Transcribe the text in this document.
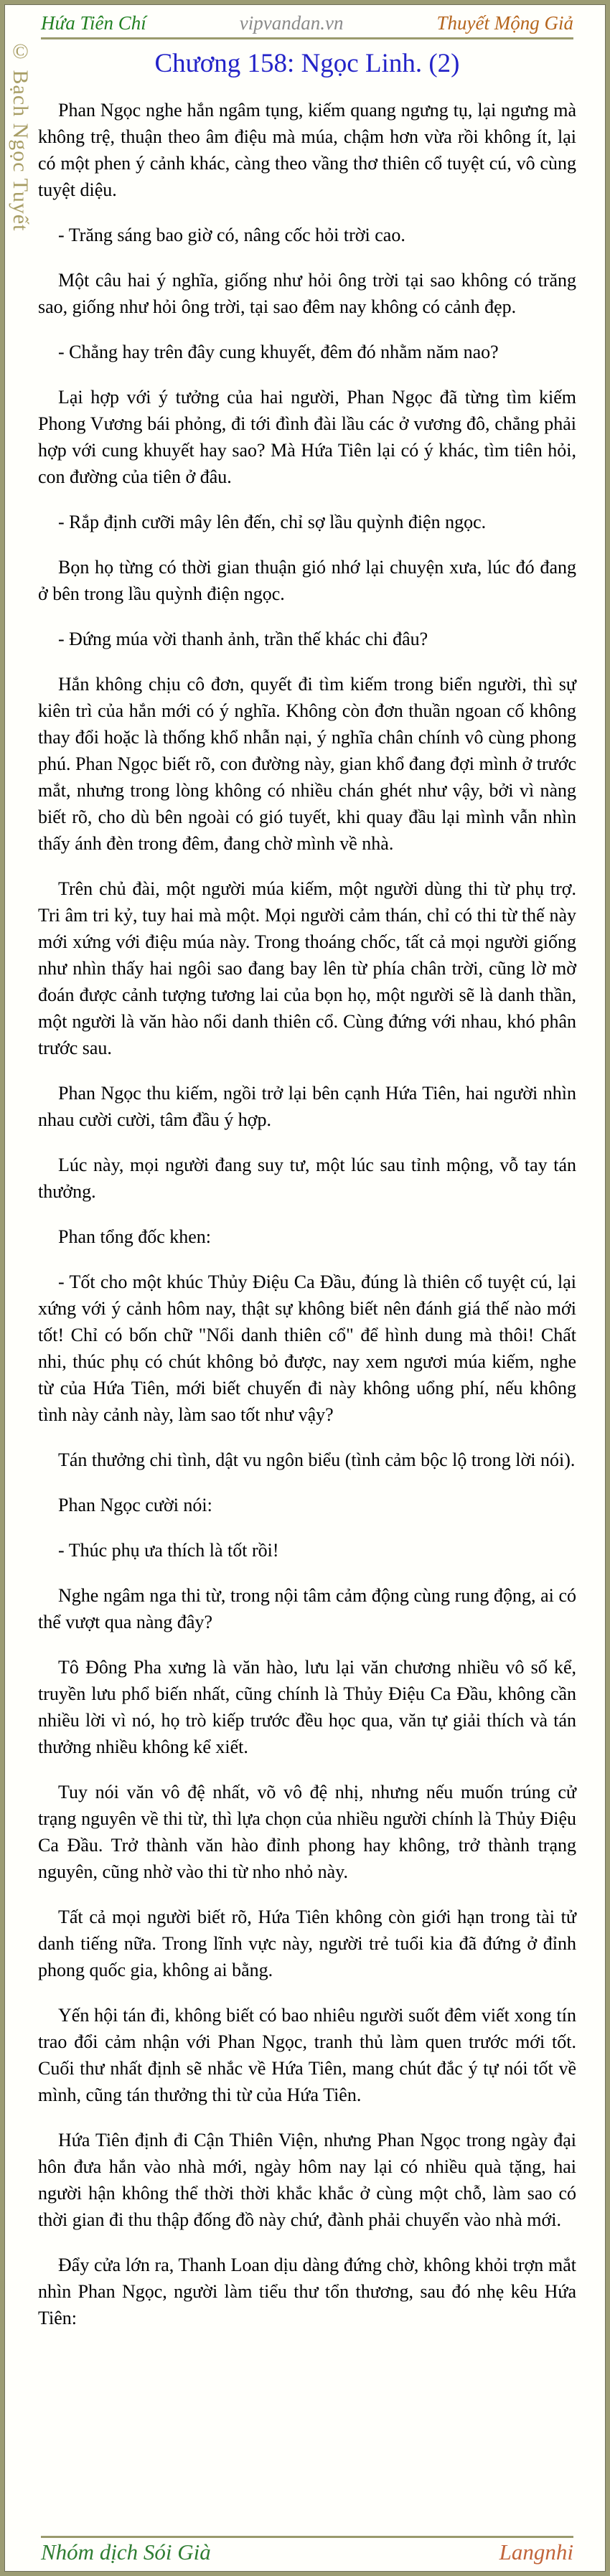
© Bạch Ngọc Tuyết
Hứa Tiên Chí	vipvandan.vn	Thuyết Mộng Giả
Chương 158: Ngọc Linh. (2)

Phan Ngọc nghe hắn ngâm tụng, kiếm quang ngưng tụ, lại ngưng mà không trệ, thuận theo âm điệu mà múa, chậm hơn vừa rồi không ít, lại có một phen ý cảnh khác, càng theo vầng thơ thiên cổ tuyệt cú, vô cùng tuyệt diệu.

- Trăng sáng bao giờ có, nâng cốc hỏi trời cao.

Một câu hai ý nghĩa, giống như hỏi ông trời tại sao không có trăng sao, giống như hỏi ông trời, tại sao đêm nay không có cảnh đẹp.

- Chẳng hay trên đây cung khuyết, đêm đó nhằm năm nao?

Lại hợp với ý tưởng của hai người, Phan Ngọc đã từng tìm kiếm Phong Vương bái phỏng, đi tới đình đài lầu các ở vương đô, chẳng phải hợp với cung khuyết hay sao? Mà Hứa Tiên lại có ý khác, tìm tiên hỏi, con đường của tiên ở đâu.

- Rắp định cưỡi mây lên đến, chỉ sợ lầu quỳnh điện ngọc.

Bọn họ từng có thời gian thuận gió nhớ lại chuyện xưa, lúc đó đang ở bên trong lầu quỳnh điện ngọc.

- Đứng múa vời thanh ảnh, trần thế khác chi đâu?

Hắn không chịu cô đơn, quyết đi tìm kiếm trong biển người, thì sự kiên trì của hắn mới có ý nghĩa. Không còn đơn thuần ngoan cố không thay đổi hoặc là thống khổ nhẫn nại, ý nghĩa chân chính vô cùng phong phú. Phan Ngọc biết rõ, con đường này, gian khổ đang đợi mình ở trước mắt, nhưng trong lòng không có nhiều chán ghét như vậy, bởi vì nàng biết rõ, cho dù bên ngoài có gió tuyết, khi quay đầu lại mình vẫn nhìn thấy ánh đèn trong đêm, đang chờ mình về nhà.

Trên chủ đài, một người múa kiếm, một người dùng thi từ phụ trợ. Tri âm tri kỷ, tuy hai mà một. Mọi người cảm thán, chỉ có thi từ thế này mới xứng với điệu múa này. Trong thoáng chốc, tất cả mọi người giống như nhìn thấy hai ngôi sao đang bay lên từ phía chân trời, cũng lờ mờ đoán được cảnh tượng tương lai của bọn họ, một người sẽ là danh thần, một người là văn hào nổi danh thiên cổ. Cùng đứng với nhau, khó phân trước sau.

Phan Ngọc thu kiếm, ngồi trở lại bên cạnh Hứa Tiên, hai người nhìn nhau cười cười, tâm đầu ý hợp.

Lúc này, mọi người đang suy tư, một lúc sau tỉnh mộng, vỗ tay tán thưởng.

Phan tổng đốc khen:

- Tốt cho một khúc Thủy Điệu Ca Đầu, đúng là thiên cổ tuyệt cú, lại xứng với ý cảnh hôm nay, thật sự không biết nên đánh giá thế nào mới tốt! Chỉ có bốn chữ "Nổi danh thiên cổ" để hình dung mà thôi! Chất nhi, thúc phụ có chút không bỏ được, nay xem ngươi múa kiếm, nghe từ của Hứa Tiên, mới biết chuyến đi này không uổng phí, nếu không tình này cảnh này, làm sao tốt như vậy?

Tán thưởng chi tình, dật vu ngôn biểu (tình cảm bộc lộ trong lời nói).

Phan Ngọc cười nói:

- Thúc phụ ưa thích là tốt rồi!

Nghe ngâm nga thi từ, trong nội tâm cảm động cùng rung động, ai có thể vượt qua nàng đây?

Tô Đông Pha xưng là văn hào, lưu lại văn chương nhiều vô số kể, truyền lưu phổ biến nhất, cũng chính là Thủy Điệu Ca Đầu, không cần nhiều lời vì nó, họ trò kiếp trước đều học qua, văn tự giải thích và tán thưởng nhiều không kể xiết.

Tuy nói văn vô đệ nhất, võ vô đệ nhị, nhưng nếu muốn trúng cử trạng nguyên về thi từ, thì lựa chọn của nhiều người chính là Thủy Điệu Ca Đầu. Trở thành văn hào đỉnh phong hay không, trở thành trạng nguyên, cũng nhờ vào thi từ nho nhỏ này.

Tất cả mọi người biết rõ, Hứa Tiên không còn giới hạn trong tài tử danh tiếng nữa. Trong lĩnh vực này, người trẻ tuổi kia đã đứng ở đỉnh phong quốc gia, không ai bằng.

Yến hội tán đi, không biết có bao nhiêu người suốt đêm viết xong tín trao đổi cảm nhận với Phan Ngọc, tranh thủ làm quen trước mới tốt. Cuối thư nhất định sẽ nhắc về Hứa Tiên, mang chút đắc ý tự nói tốt về mình, cũng tán thưởng thi từ của Hứa Tiên.

Hứa Tiên định đi Cận Thiên Viện, nhưng Phan Ngọc trong ngày đại hôn đưa hắn vào nhà mới, ngày hôm nay lại có nhiều quà tặng, hai người hận không thể thời thời khắc khắc ở cùng một chỗ, làm sao có thời gian đi thu thập đống đồ này chứ, đành phải chuyển vào nhà mới.

Đẩy cửa lớn ra, Thanh Loan dịu dàng đứng chờ, không khỏi trợn mắt nhìn Phan Ngọc, người làm tiểu thư tổn thương, sau đó nhẹ kêu Hứa Tiên:

Nhóm dịch Sói Già	Langnhi
